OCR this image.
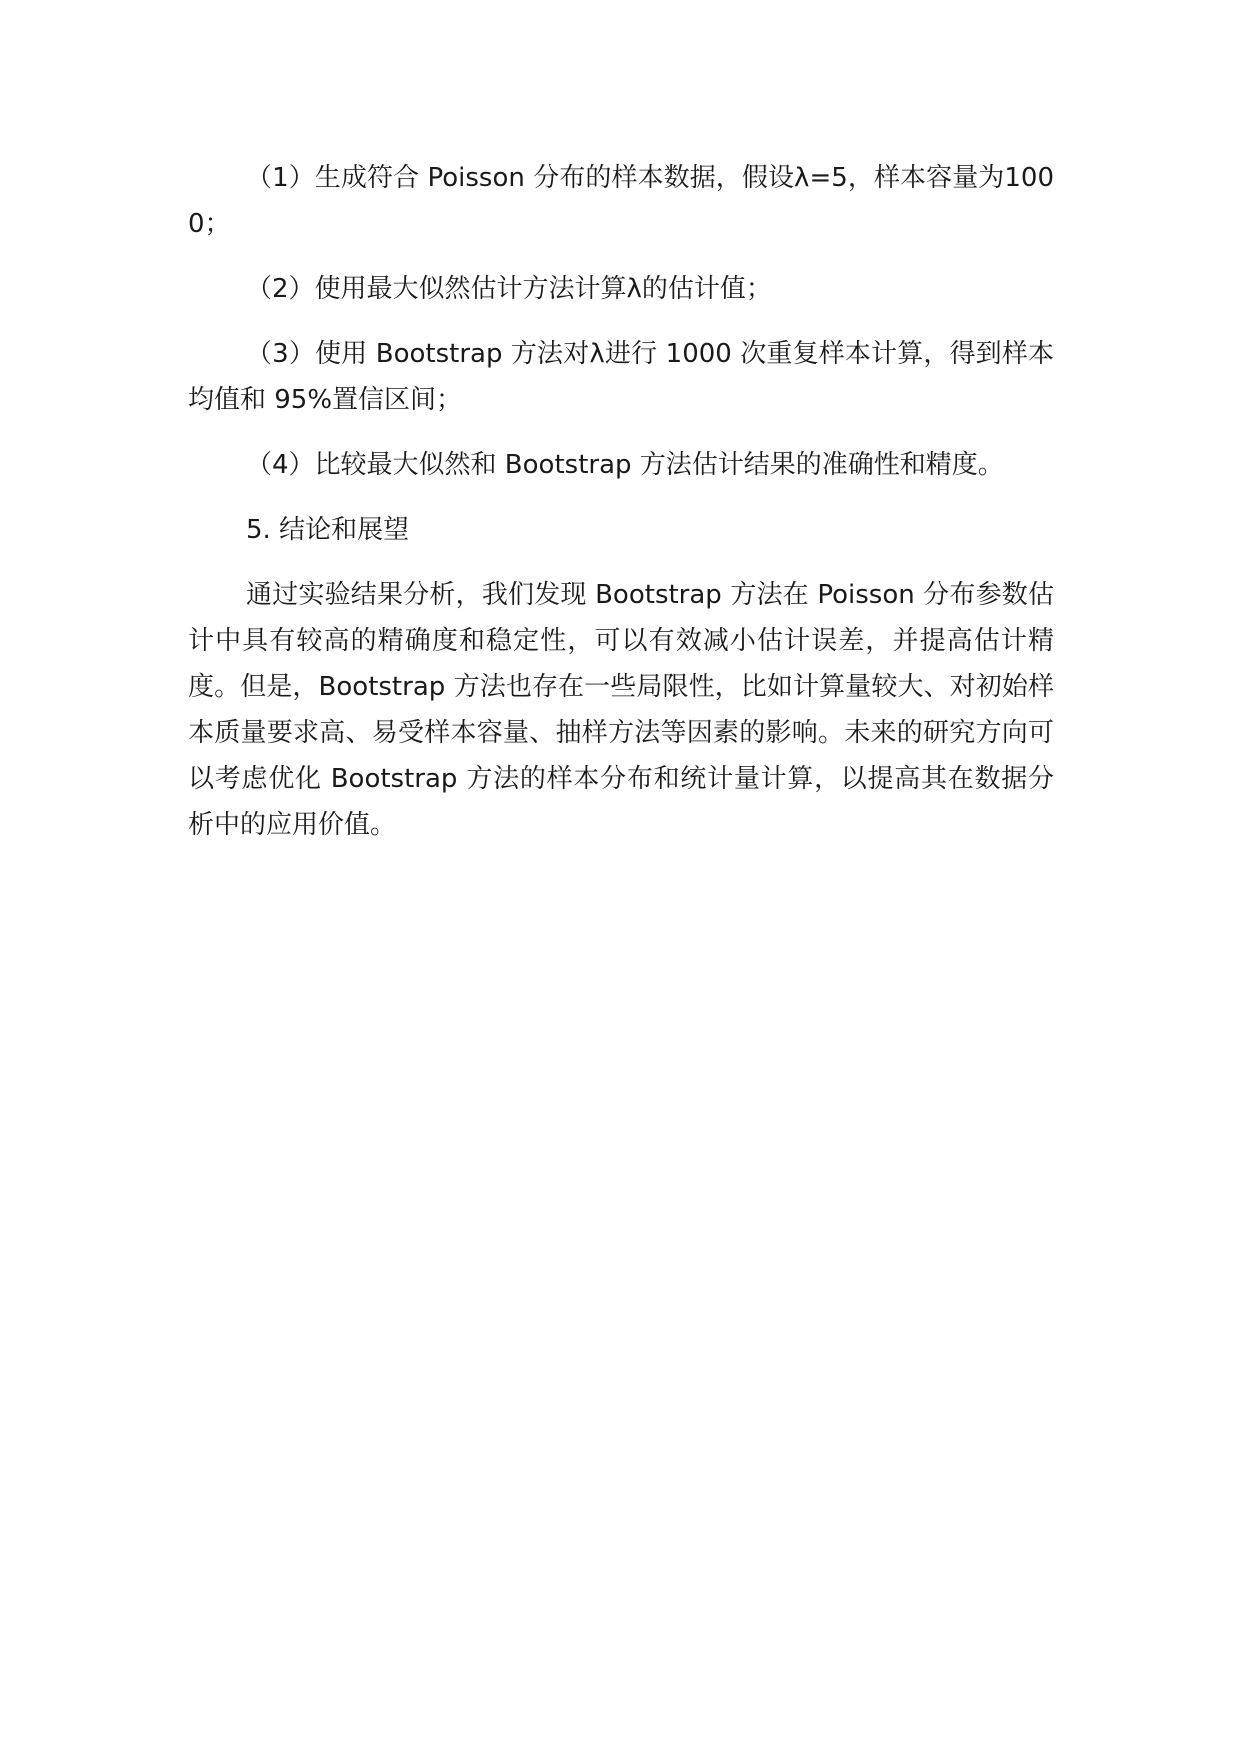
（1）生成符合 Poisson 分布的样本数据，假设λ=5，样本容量为1000；

（2）使用最大似然估计方法计算λ的估计值；

（3）使用 Bootstrap 方法对λ进行 1000 次重复样本计算，得到样本均值和 95%置信区间；

（4）比较最大似然和 Bootstrap 方法估计结果的准确性和精度。

5. 结论和展望

通过实验结果分析，我们发现 Bootstrap 方法在 Poisson 分布参数估计中具有较高的精确度和稳定性，可以有效减小估计误差，并提高估计精度。但是，Bootstrap 方法也存在一些局限性，比如计算量较大、对初始样本质量要求高、易受样本容量、抽样方法等因素的影响。未来的研究方向可以考虑优化 Bootstrap 方法的样本分布和统计量计算，以提高其在数据分析中的应用价值。
